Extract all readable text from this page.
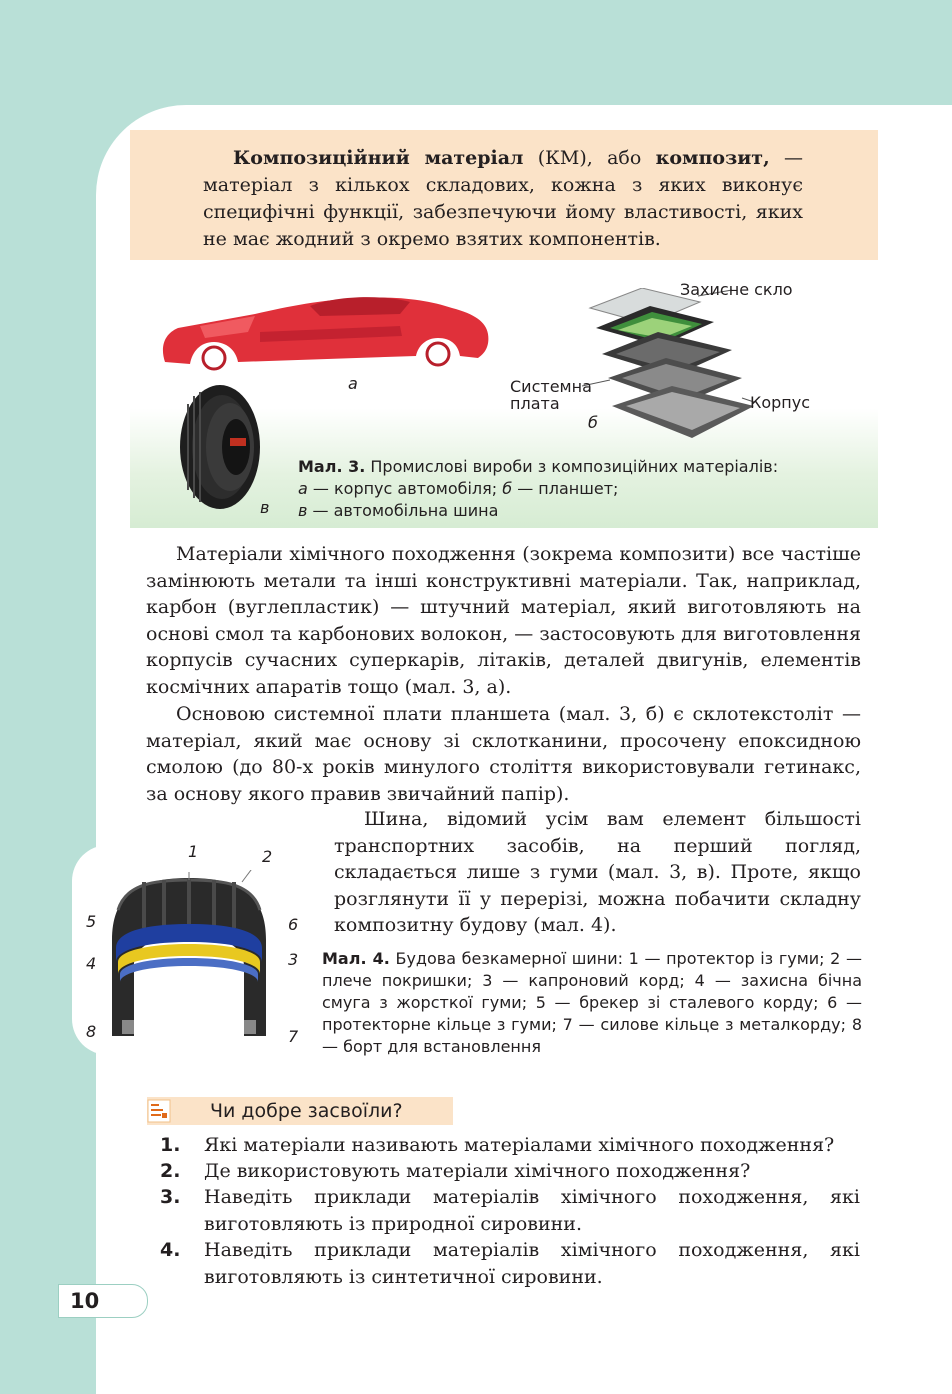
Композиційний матеріал (КМ), або композит, — матеріал з кількох складових, кожна з яких виконує специфічні функції, забезпечуючи йому властивості, яких не має жодний з окремо взятих компонентів.
а
в
Захисне скло
Системна
плата	Корпус
б
Мал. 3. Промислові вироби з композиційних матеріалів:
а — корпус автомобіля; б — планшет;
в — автомобільна шина
Матеріали хімічного походження (зокрема композити) все частіше замінюють метали та інші конструктивні матеріали. Так, наприклад, карбон (вуглепластик) — штучний матеріал, який виготовляють на основі смол та карбонових волокон, — застосовують для виготовлення корпусів сучасних суперкарів, літаків, деталей двигунів, елементів космічних апаратів тощо (мал. 3, а).
Основою системної плати планшета (мал. 3, б) є склотекстоліт — матеріал, який має основу зі склотканини, просочену епоксидною смолою (до 80-х років минулого століття використовували гетинакс, за основу якого правив звичайний папір).
1	2
3
4
5	6
7
8
Шина, відомий усім вам елемент більшості транспортних засобів, на перший погляд, складається лише з гуми (мал. 3, в). Проте, якщо розглянути її у перерізі, можна побачити складну композитну будову (мал. 4).
Мал. 4. Будова безкамерної шини: 1 — протектор із гуми; 2 — плече покришки; 3 — капроновий корд; 4 — захисна бічна смуга з жорсткої гуми; 5 — брекер зі сталевого корду; 6 — протекторне кільце з гуми; 7 — силове кільце з металкорду; 8 — борт для встановлення
Чи добре засвоїли?
1. Які матеріали називають матеріалами хімічного походження?
2. Де використовують матеріали хімічного походження?
3. Наведіть приклади матеріалів хімічного походження, які виготовляють із природної сировини.
4. Наведіть приклади матеріалів хімічного походження, які виготовляють із синтетичної сировини.
10
